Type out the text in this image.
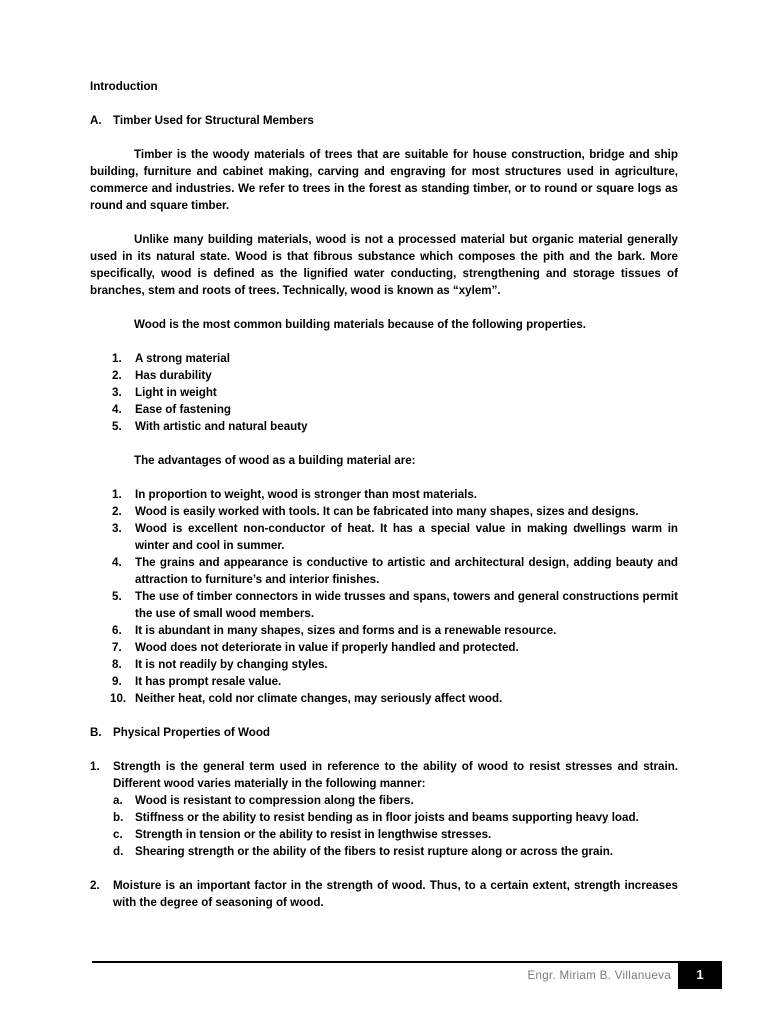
Introduction
A. Timber Used for Structural Members

Timber is the woody materials of trees that are suitable for house construction, bridge and ship building, furniture and cabinet making, carving and engraving for most structures used in agriculture, commerce and industries. We refer to trees in the forest as standing timber, or to round or square logs as round and square timber.

Unlike many building materials, wood is not a processed material but organic material generally used in its natural state. Wood is that fibrous substance which composes the pith and the bark. More specifically, wood is defined as the lignified water conducting, strengthening and storage tissues of branches, stem and roots of trees. Technically, wood is known as “xylem”.

Wood is the most common building materials because of the following properties.

1. A strong material
2. Has durability
3. Light in weight
4. Ease of fastening
5. With artistic and natural beauty

The advantages of wood as a building material are:

1. In proportion to weight, wood is stronger than most materials.
2. Wood is easily worked with tools. It can be fabricated into many shapes, sizes and designs.
3. Wood is excellent non-conductor of heat. It has a special value in making dwellings warm in winter and cool in summer.
4. The grains and appearance is conductive to artistic and architectural design, adding beauty and attraction to furniture’s and interior finishes.
5. The use of timber connectors in wide trusses and spans, towers and general constructions permit the use of small wood members.
6. It is abundant in many shapes, sizes and forms and is a renewable resource.
7. Wood does not deteriorate in value if properly handled and protected.
8. It is not readily by changing styles.
9. It has prompt resale value.
10. Neither heat, cold nor climate changes, may seriously affect wood.
B. Physical Properties of Wood
1. Strength is the general term used in reference to the ability of wood to resist stresses and strain. Different wood varies materially in the following manner:
a. Wood is resistant to compression along the fibers.
b. Stiffness or the ability to resist bending as in floor joists and beams supporting heavy load.
c. Strength in tension or the ability to resist in lengthwise stresses.
d. Shearing strength or the ability of the fibers to resist rupture along or across the grain.
2. Moisture is an important factor in the strength of wood. Thus, to a certain extent, strength increases with the degree of seasoning of wood.
Engr. Miriam B. Villanueva	1
